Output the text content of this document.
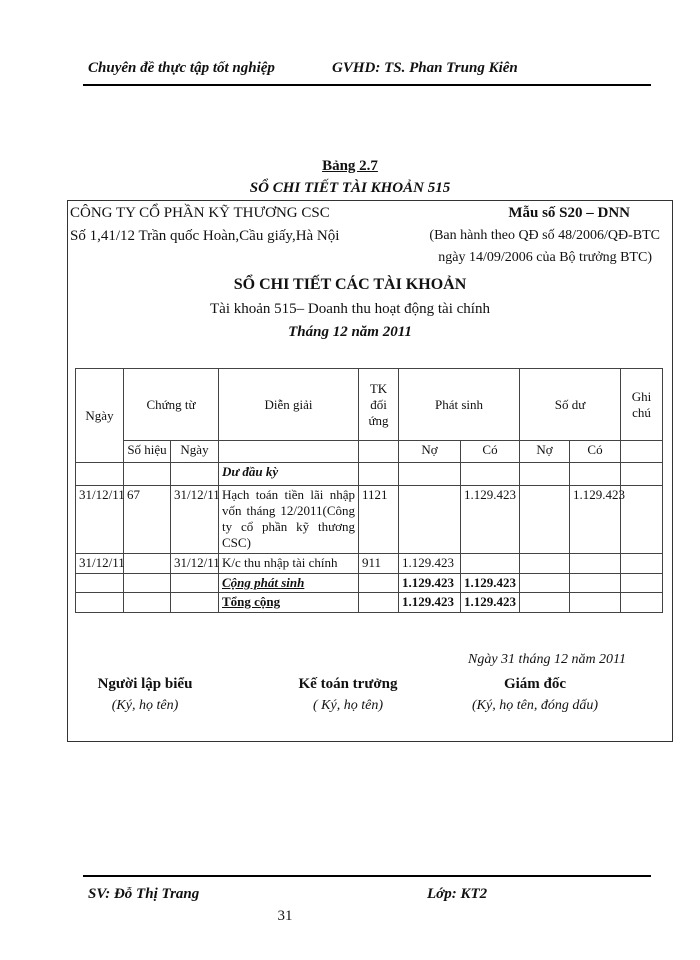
Chuyên đề thực tập tốt nghiệp	GVHD: TS. Phan Trung Kiên
Bảng 2.7
SỔ CHI TIẾT TÀI KHOẢN 515
CÔNG TY CỔ PHẦN KỸ THƯƠNG CSC
Số 1,41/12 Trần quốc Hoàn,Cầu giấy,Hà Nội
Mẫu số S20 – DNN
(Ban hành theo QĐ số 48/2006/QĐ-BTC
ngày 14/09/2006 của Bộ trưởng BTC)
SỔ CHI TIẾT CÁC TÀI KHOẢN
Tài khoản 515– Doanh thu hoạt động tài chính
Tháng 12 năm 2011
Ngày	Chứng từ		Diễn giải	TK đối ứng	Phát sinh		Số dư		Ghi chú
	Số hiệu	Ngày			Nợ	Có	Nợ	Có	
			Dư đầu kỳ						
31/12/11	67	31/12/11	Hạch toán tiền lãi nhập vốn tháng 12/2011(Công ty cổ phần kỹ thương CSC)	1121		1.129.423		1.129.423	
31/12/11		31/12/11	K/c thu nhập tài chính	911	1.129.423				
			Cộng phát sinh		1.129.423	1.129.423			
			Tổng cộng		1.129.423	1.129.423			
Ngày 31 tháng 12 năm 2011
Người lập biểu
(Ký, họ tên)
Kế toán trưởng
( Ký, họ tên)
Giám đốc
(Ký, họ tên, đóng dấu)
SV: Đỗ Thị Trang	Lớp: KT2
31
